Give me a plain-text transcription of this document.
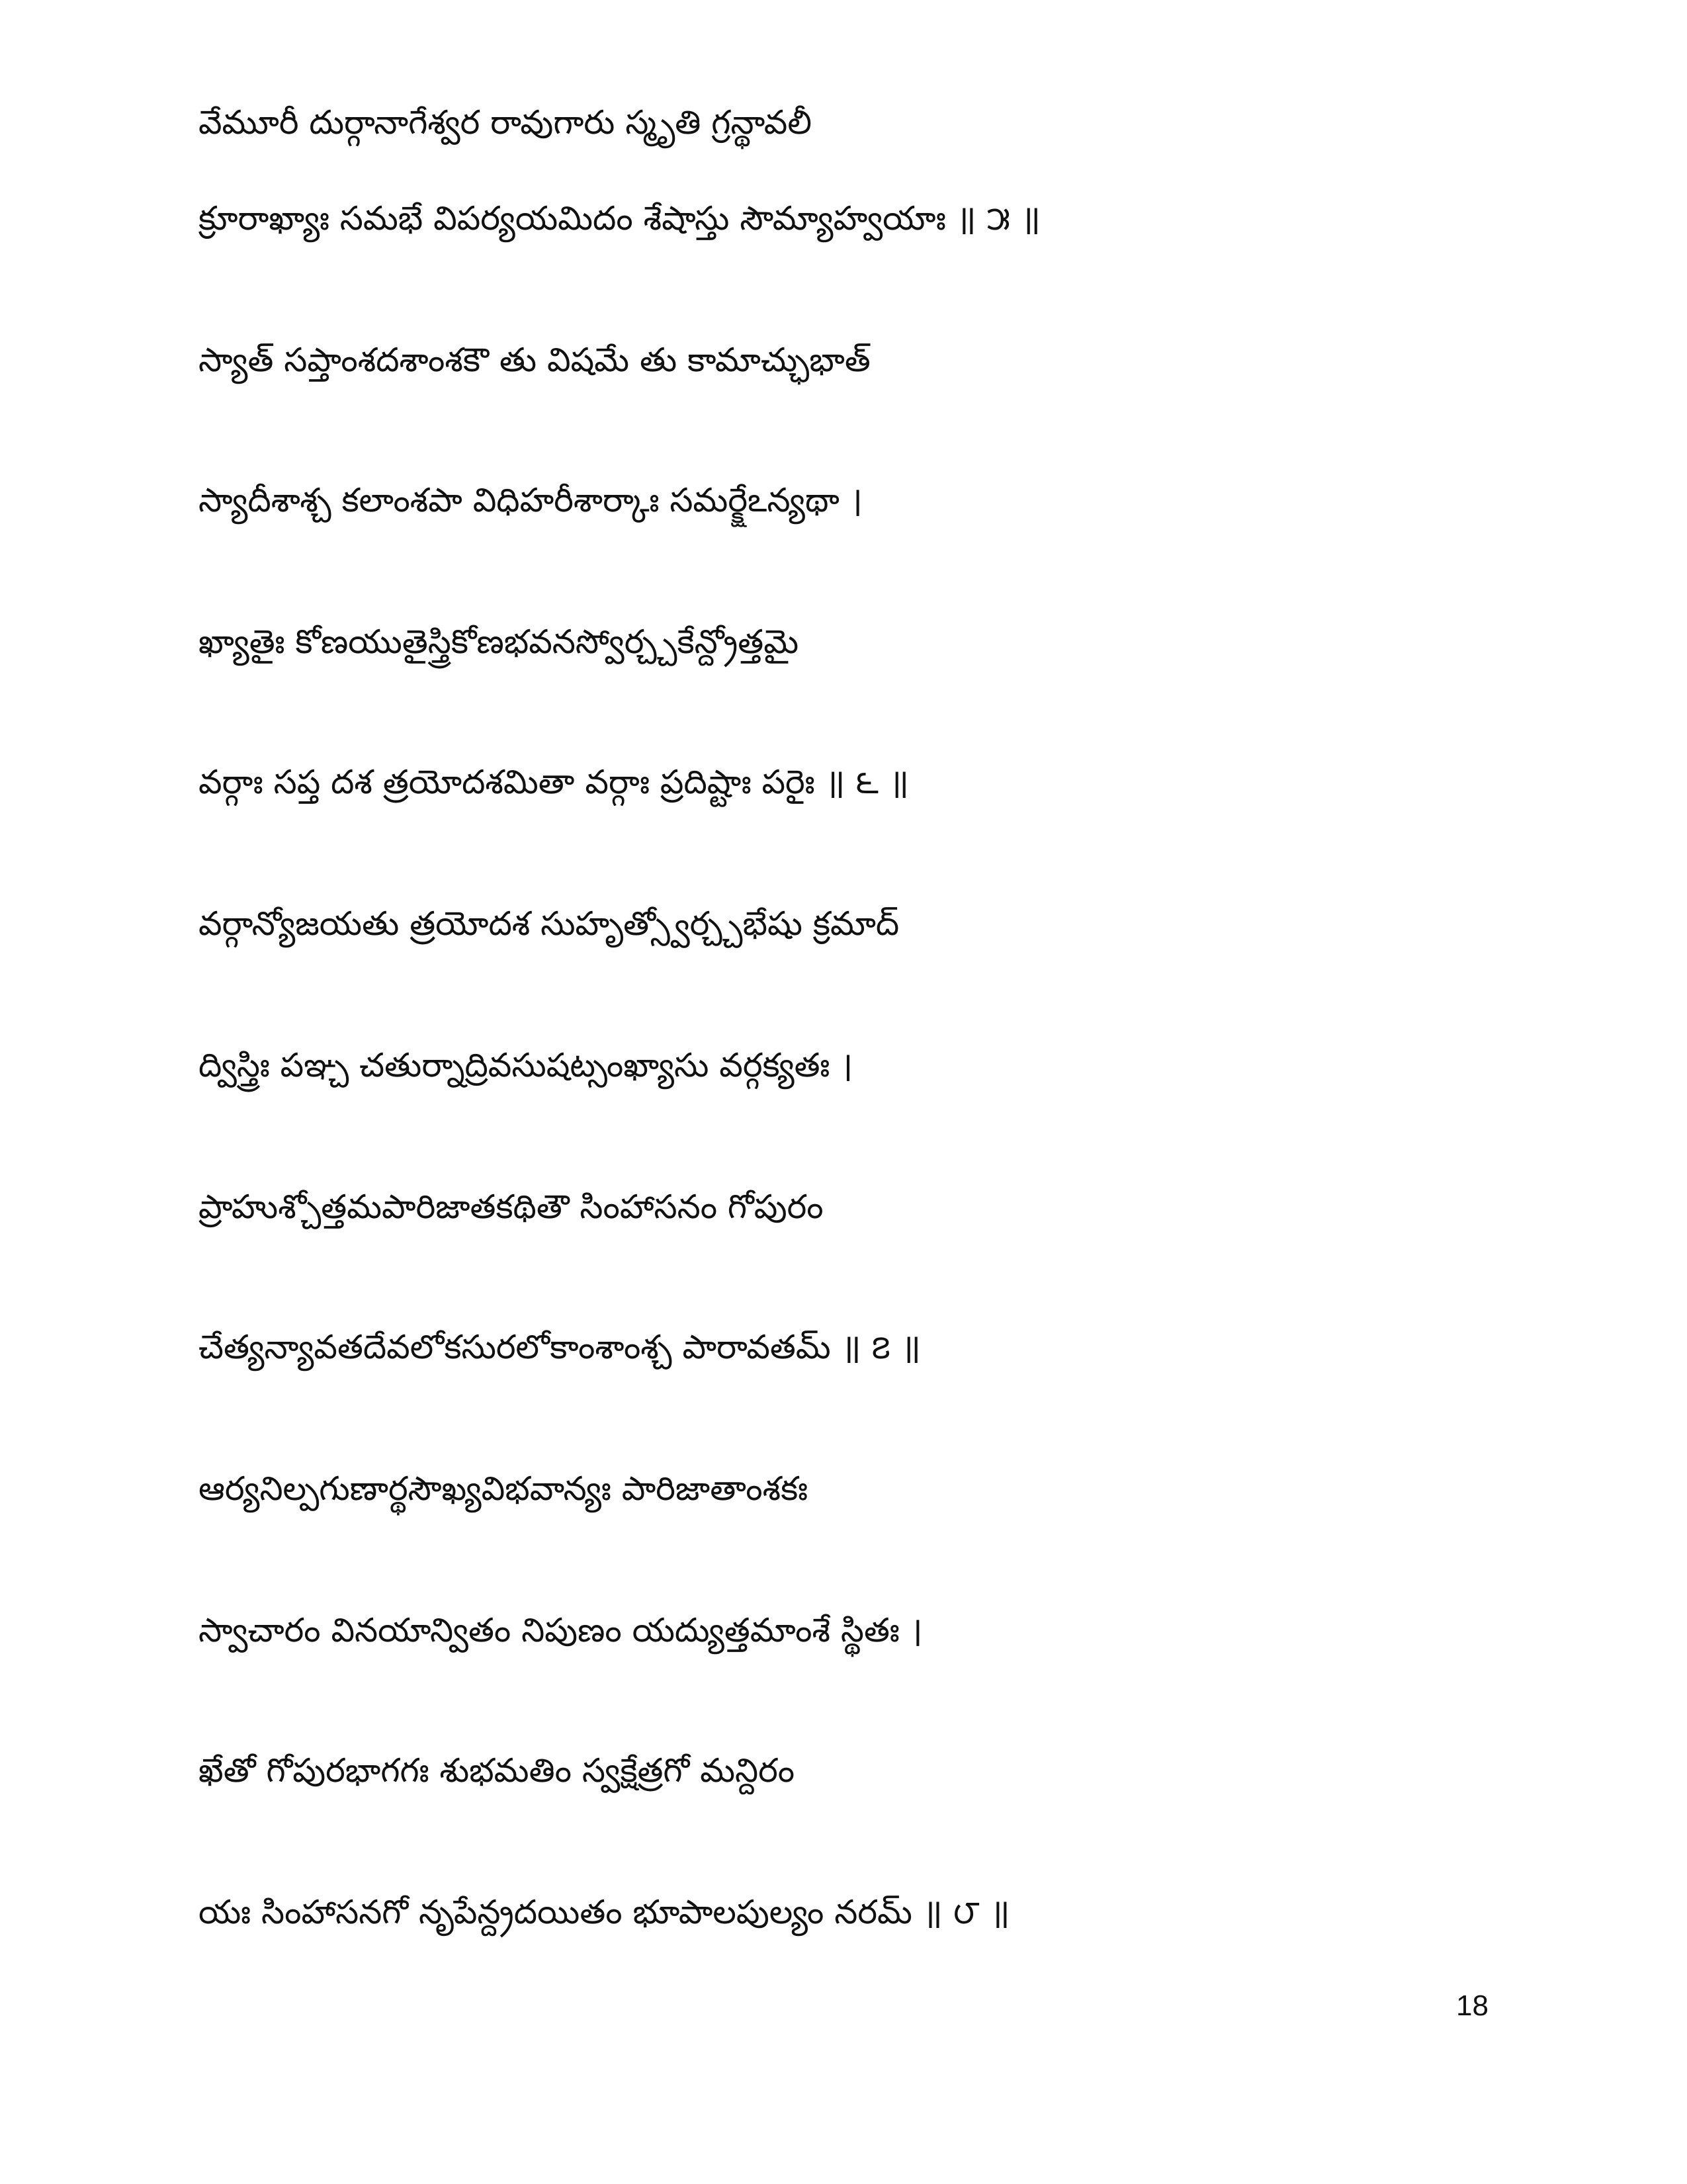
వేమూరీ దుర్గానాగేశ్వర రావుగారు స్మృతి గ్రన్థావలీ
క్రూరాఖ్యాః సమభే విపర్యయమిదం శేషాస్తు సౌమ్యాహ్వయాః ॥ ౫ ॥
స్యాత్ సప్తాంశదశాంశకౌ తు విషమే తు కామాచ్ఛుభాత్
స్యాదీశాశ్చ కలాంశపా విధిహరీశార్కాః సమర్క్షేఽన్యథా ।
ఖ్యాతైః కోణయుతైస్త్రికోణభవనస్వోర్చ్చకేన్ద్రోత్తమై
వర్గాః సప్త దశ త్రయోదశమితా వర్గాః ప్రదిష్టాః పరైః ॥ ౬ ॥
వర్గాన్యోజయతు త్రయోదశ సుహృత్స్వోర్చ్చభేషు క్రమాద్
ద్విస్త్రిః పఞ్చ చతుర్నాద్రివసుషట్సంఖ్యాసు వర్గక్యతః ।
ప్రాహుశ్చోత్తమపారిజాతకథితౌ సింహాసనం గోపురం
చేత్యన్యావతదేవలోకసురలోకాంశాంశ్చ పారావతమ్ ॥ ౭ ॥
ఆర్యనిల్పగుణార్థసౌఖ్యవిభవాన్యః పారిజాతాంశకః
స్వాచారం వినయాన్వితం నిపుణం యద్యుత్తమాంశే స్థితః ।
ఖేతో గోపురభాగగః శుభమతిం స్వక్షేత్రగో మన్దిరం
యః సింహాసనగో నృపేన్ద్రదయితం భూపాలపుల్యం నరమ్ ॥ ౮ ॥
18
